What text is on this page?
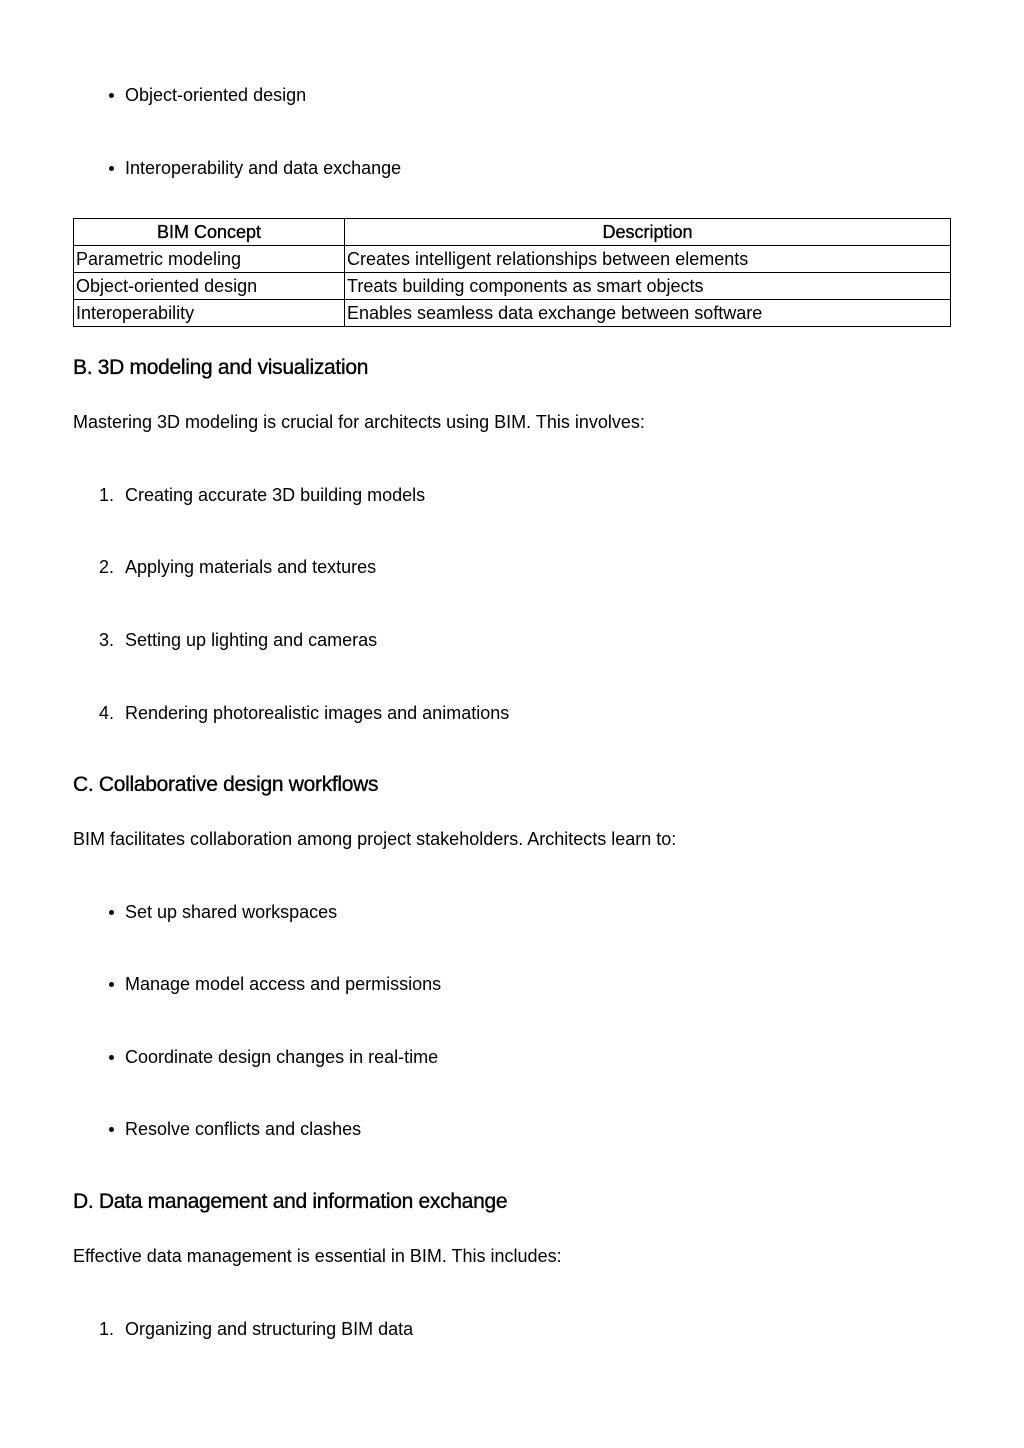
Object-oriented design
Interoperability and data exchange
BIM Concept	Description
Parametric modeling	Creates intelligent relationships between elements
Object-oriented design	Treats building components as smart objects
Interoperability	Enables seamless data exchange between software
B. 3D modeling and visualization

Mastering 3D modeling is crucial for architects using BIM. This involves:

1. Creating accurate 3D building models
2. Applying materials and textures
3. Setting up lighting and cameras
4. Rendering photorealistic images and animations
C. Collaborative design workflows

BIM facilitates collaboration among project stakeholders. Architects learn to:

Set up shared workspaces
Manage model access and permissions
Coordinate design changes in real-time
Resolve conflicts and clashes
D. Data management and information exchange

Effective data management is essential in BIM. This includes:

1. Organizing and structuring BIM data
